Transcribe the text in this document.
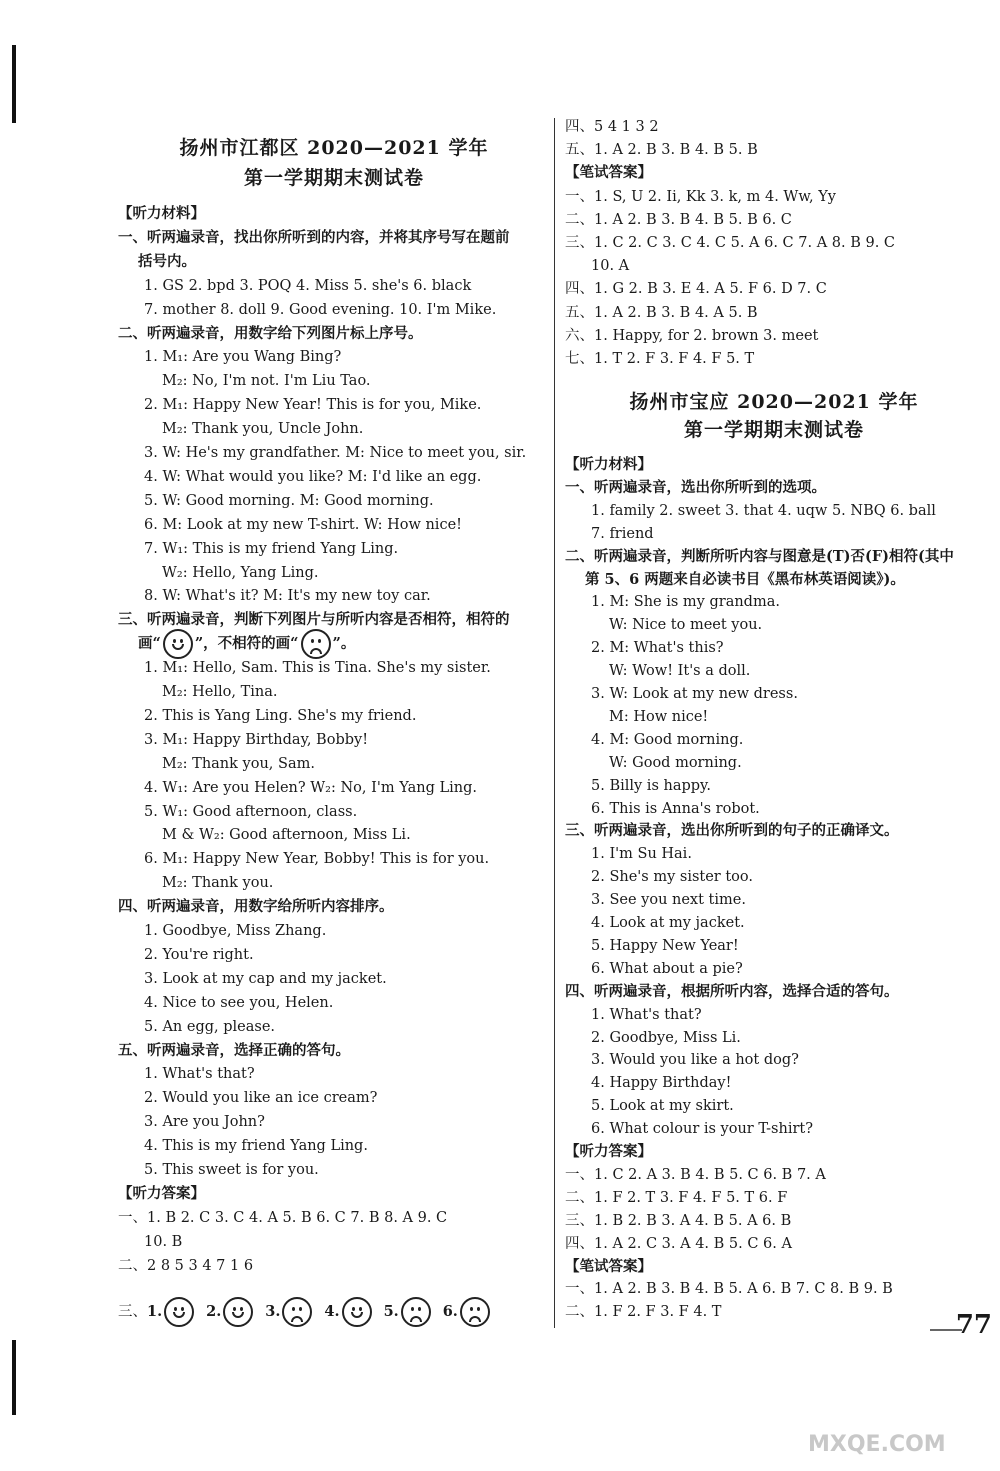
扬州市江都区 2020—2021 学年
第一学期期末测试卷
【听力材料】
一、听两遍录音，找出你所听到的内容，并将其序号写在题前
括号内。
1. GS 2. bpd 3. POQ 4. Miss 5. she's 6. black
7. mother 8. doll 9. Good evening. 10. I'm Mike.
二、听两遍录音，用数字给下列图片标上序号。
1. M₁: Are you Wang Bing?
M₂: No, I'm not. I'm Liu Tao.
2. M₁: Happy New Year! This is for you, Mike.
M₂: Thank you, Uncle John.
3. W: He's my grandfather. M: Nice to meet you, sir.
4. W: What would you like? M: I'd like an egg.
5. W: Good morning. M: Good morning.
6. M: Look at my new T-shirt. W: How nice!
7. W₁: This is my friend Yang Ling.
W₂: Hello, Yang Ling.
8. W: What's it? M: It's my new toy car.
三、听两遍录音，判断下列图片与所听内容是否相符，相符的
画“ ”，不相符的画“ ”。
1. M₁: Hello, Sam. This is Tina. She's my sister.
M₂: Hello, Tina.
2. This is Yang Ling. She's my friend.
3. M₁: Happy Birthday, Bobby!
M₂: Thank you, Sam.
4. W₁: Are you Helen? W₂: No, I'm Yang Ling.
5. W₁: Good afternoon, class.
M & W₂: Good afternoon, Miss Li.
6. M₁: Happy New Year, Bobby! This is for you.
M₂: Thank you.
四、听两遍录音，用数字给所听内容排序。
1. Goodbye, Miss Zhang.
2. You're right.
3. Look at my cap and my jacket.
4. Nice to see you, Helen.
5. An egg, please.
五、听两遍录音，选择正确的答句。
1. What's that?
2. Would you like an ice cream?
3. Are you John?
4. This is my friend Yang Ling.
5. This sweet is for you.
【听力答案】
一、1. B 2. C 3. C 4. A 5. B 6. C 7. B 8. A 9. C
10. B
二、2 8 5 3 4 7 1 6
三、1.	2.	3.	4.	5.	6.
扬州市宝应 2020—2021 学年
第一学期期末测试卷
四、5 4 1 3 2
五、1. A 2. B 3. B 4. B 5. B
【笔试答案】
一、1. S, U 2. Ii, Kk 3. k, m 4. Ww, Yy
二、1. A 2. B 3. B 4. B 5. B 6. C
三、1. C 2. C 3. C 4. C 5. A 6. C 7. A 8. B 9. C
10. A
四、1. G 2. B 3. E 4. A 5. F 6. D 7. C
五、1. A 2. B 3. B 4. A 5. B
六、1. Happy, for 2. brown 3. meet
七、1. T 2. F 3. F 4. F 5. T
【听力材料】
一、听两遍录音，选出你所听到的选项。
1. family 2. sweet 3. that 4. uqw 5. NBQ 6. ball
7. friend
二、听两遍录音，判断所听内容与图意是(T)否(F)相符(其中
第 5、6 两题来自必读书目《黑布林英语阅读》)。
1. M: She is my grandma.
W: Nice to meet you.
2. M: What's this?
W: Wow! It's a doll.
3. W: Look at my new dress.
M: How nice!
4. M: Good morning.
W: Good morning.
5. Billy is happy.
6. This is Anna's robot.
三、听两遍录音，选出你所听到的句子的正确译文。
1. I'm Su Hai.
2. She's my sister too.
3. See you next time.
4. Look at my jacket.
5. Happy New Year!
6. What about a pie?
四、听两遍录音，根据所听内容，选择合适的答句。
1. What's that?
2. Goodbye, Miss Li.
3. Would you like a hot dog?
4. Happy Birthday!
5. Look at my skirt.
6. What colour is your T-shirt?
【听力答案】
一、1. C 2. A 3. B 4. B 5. C 6. B 7. A
二、1. F 2. T 3. F 4. F 5. T 6. F
三、1. B 2. B 3. A 4. B 5. A 6. B
四、1. A 2. C 3. A 4. B 5. C 6. A
【笔试答案】
一、1. A 2. B 3. B 4. B 5. A 6. B 7. C 8. B 9. B
二、1. F 2. F 3. F 4. T	77
MXQE.COM
